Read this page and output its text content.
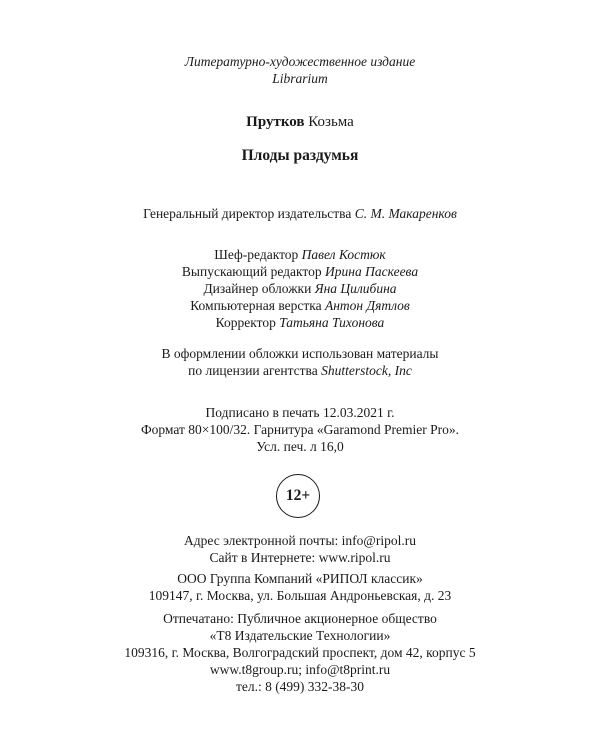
Литературно-художественное издание
Librarium
Прутков Козьма
Плоды раздумья
Генеральный директор издательства С. М. Макаренков
Шеф-редактор Павел Костюк
Выпускающий редактор Ирина Паскеева
Дизайнер обложки Яна Цилибина
Компьютерная верстка Антон Дятлов
Корректор Татьяна Тихонова
В оформлении обложки использован материалы
по лицензии агентства Shutterstock, Inc
Подписано в печать 12.03.2021 г.
Формат 80×100/32. Гарнитура «Garamond Premier Pro».
Усл. печ. л 16,0
12+
Адрес электронной почты: info@ripol.ru
Сайт в Интернете: www.ripol.ru
ООО Группа Компаний «РИПОЛ классик»
109147, г. Москва, ул. Большая Андроньевская, д. 23
Отпечатано: Публичное акционерное общество
«Т8 Издательские Технологии»
109316, г. Москва, Волгоградский проспект, дом 42, корпус 5
www.t8group.ru; info@t8print.ru
тел.: 8 (499) 332-38-30
